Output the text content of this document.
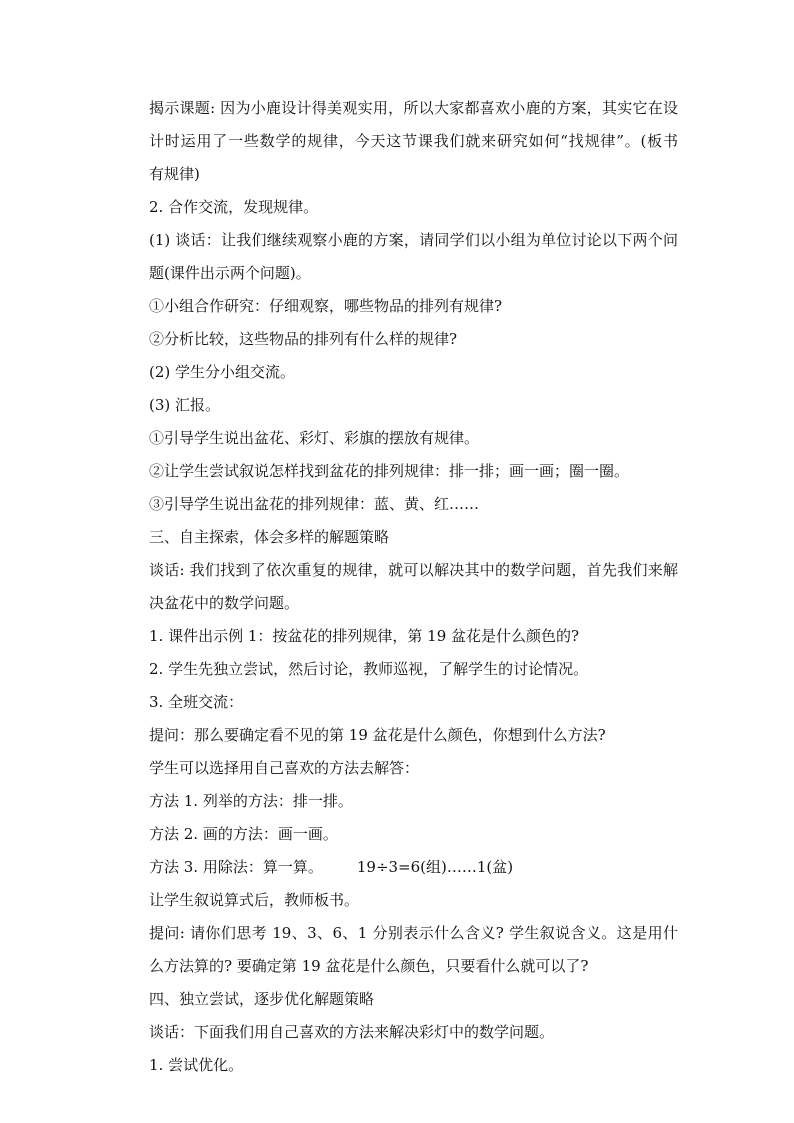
揭示课题: 因为小鹿设计得美观实用，所以大家都喜欢小鹿的方案，其实它在设计时运用了一些数学的规律，今天这节课我们就来研究如何“找规律”。(板书　有规律)

2. 合作交流，发现规律。

(1) 谈话：让我们继续观察小鹿的方案，请同学们以小组为单位讨论以下两个问题(课件出示两个问题)。

①小组合作研究：仔细观察，哪些物品的排列有规律?

②分析比较，这些物品的排列有什么样的规律?

(2) 学生分小组交流。

(3) 汇报。

①引导学生说出盆花、彩灯、彩旗的摆放有规律。

②让学生尝试叙说怎样找到盆花的排列规律：排一排；画一画；圈一圈。

③引导学生说出盆花的排列规律：蓝、黄、红……

三、自主探索，体会多样的解题策略

谈话: 我们找到了依次重复的规律，就可以解决其中的数学问题，首先我们来解决盆花中的数学问题。

1. 课件出示例 1：按盆花的排列规律，第 19 盆花是什么颜色的?

2. 学生先独立尝试，然后讨论，教师巡视，了解学生的讨论情况。

3. 全班交流：

提问：那么要确定看不见的第 19 盆花是什么颜色，你想到什么方法?

学生可以选择用自己喜欢的方法去解答：

方法 1. 列举的方法：排一排。

方法 2. 画的方法：画一画。

方法 3. 用除法：算一算。 19÷3=6(组)……1(盆)

让学生叙说算式后，教师板书。

提问: 请你们思考 19、3、6、1 分别表示什么含义? 学生叙说含义。这是用什么方法算的? 要确定第 19 盆花是什么颜色，只要看什么就可以了?

四、独立尝试，逐步优化解题策略

谈话：下面我们用自己喜欢的方法来解决彩灯中的数学问题。

1. 尝试优化。
